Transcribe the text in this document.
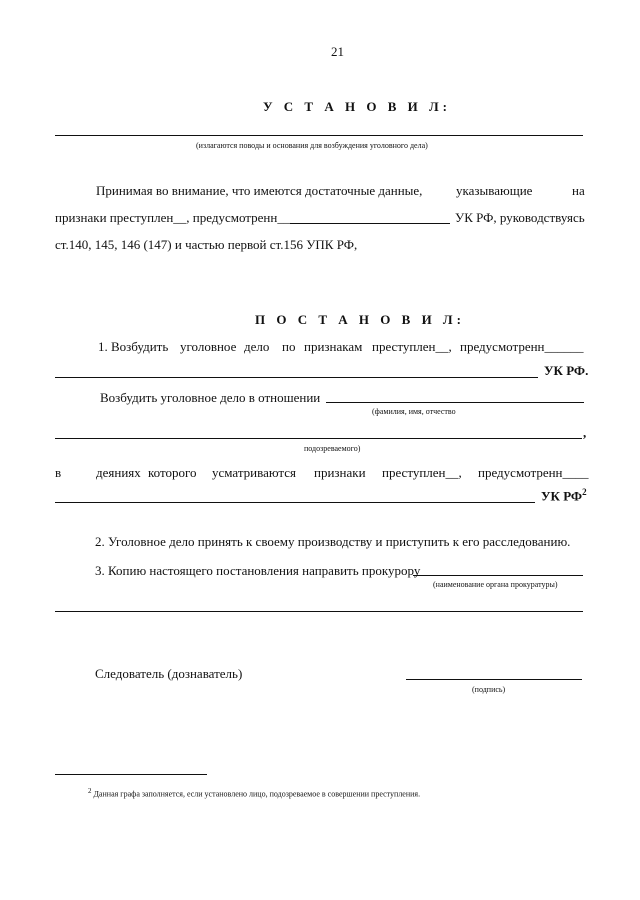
21
У С Т А Н О В И Л:
(излагаются поводы и основания для возбуждения уголовного дела)
Принимая во внимание, что имеются достаточные данные,	указывающие	на
признаки преступлен__, предусмотренн__	УК РФ, руководствуясь
ст.140, 145, 146 (147) и частью первой ст.156 УПК РФ,
П О С Т А Н О В И Л:
1. Возбудить уголовное дело по признакам преступлен__, предусмотренн______
УК РФ.
Возбудить уголовное дело в отношении
(фамилия, имя, отчество
,
подозреваемого)
в	деяниях которого усматриваются признаки преступлен__, предусмотренн____
УК $РФ^2$
2. Уголовное дело принять к своему производству и приступить к его расследованию.
3. Копию настоящего постановления направить прокурору
(наименование органа прокуратуры)
Следователь (дознаватель)
(подпись)
$^2$ Данная графа заполняется, если установлено лицо, подозреваемое в совершении преступления.
